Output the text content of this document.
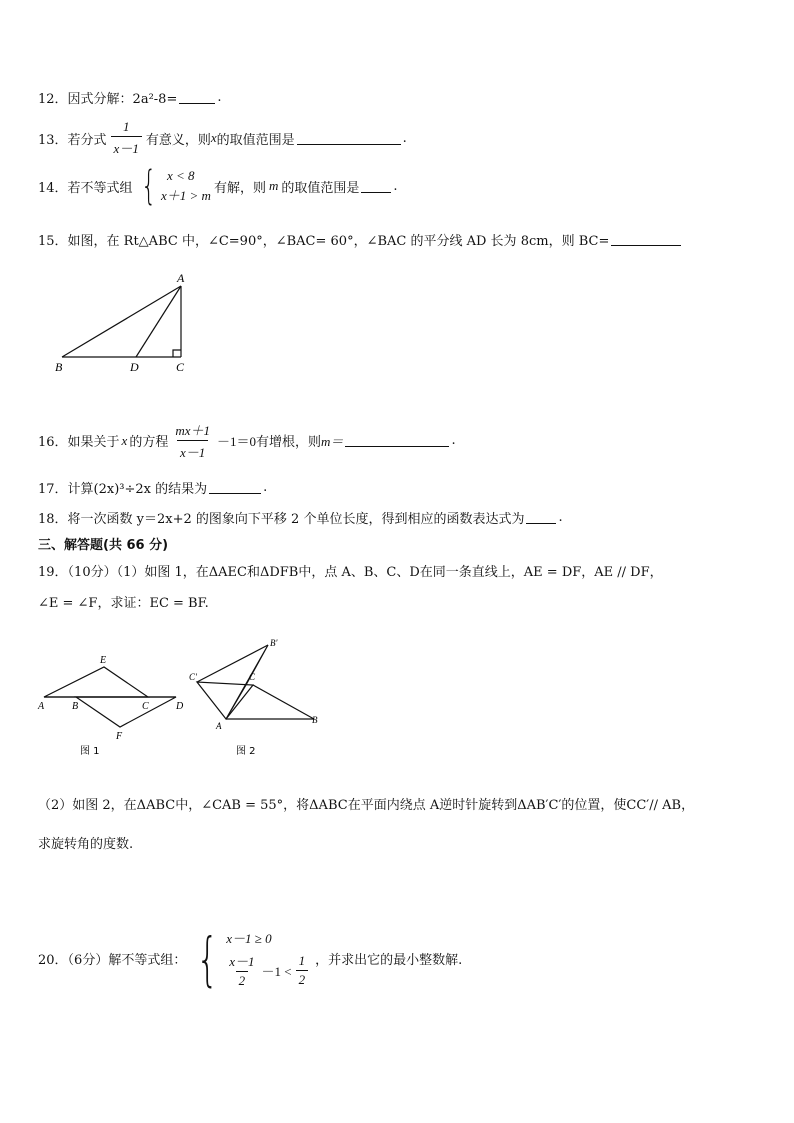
12．因式分解：2a²-8=	.
13．若分式 $\frac{1}{x-1}$ 有意义，则 x 的取值范围是	.
14．若不等式组 { x < 8
x＋1 > m 有解，则 m 的取值范围是	.
15．如图，在 Rt△ABC 中，∠C=90°，∠BAC= 60°，∠BAC 的平分线 AD 长为 8cm，则 BC=
A
B	D	C
16．如果关于 x 的方程 $\frac{mx+1}{x-1} -1=0$ 有增根，则 m＝	.
17．计算(2x)³÷2x 的结果为	.
18．将一次函数 y＝2x+2 的图象向下平移 2 个单位长度，得到相应的函数表达式为	.
三、解答题(共 66 分)
19．（10分）（1）如图 1，在ΔAEC和ΔDFB中，点 A、B、C、D在同一条直线上，AE = DF，AE // DF，
∠E = ∠F，求证：EC = BF.
E
A	B	C	D
F
图 1
B'
C'	C
A
B
图 2
（2）如图 2，在ΔABC中，∠CAB = 55°，将ΔABC在平面内绕点 A逆时针旋转到ΔAB′C′的位置，使CC′// AB，
求旋转角的度数.
20．（6分）解不等式组： { x－1 ≥ 0
$\frac{x-1}{2} -1 < \frac{1}{2}$ ，并求出它的最小整数解.
